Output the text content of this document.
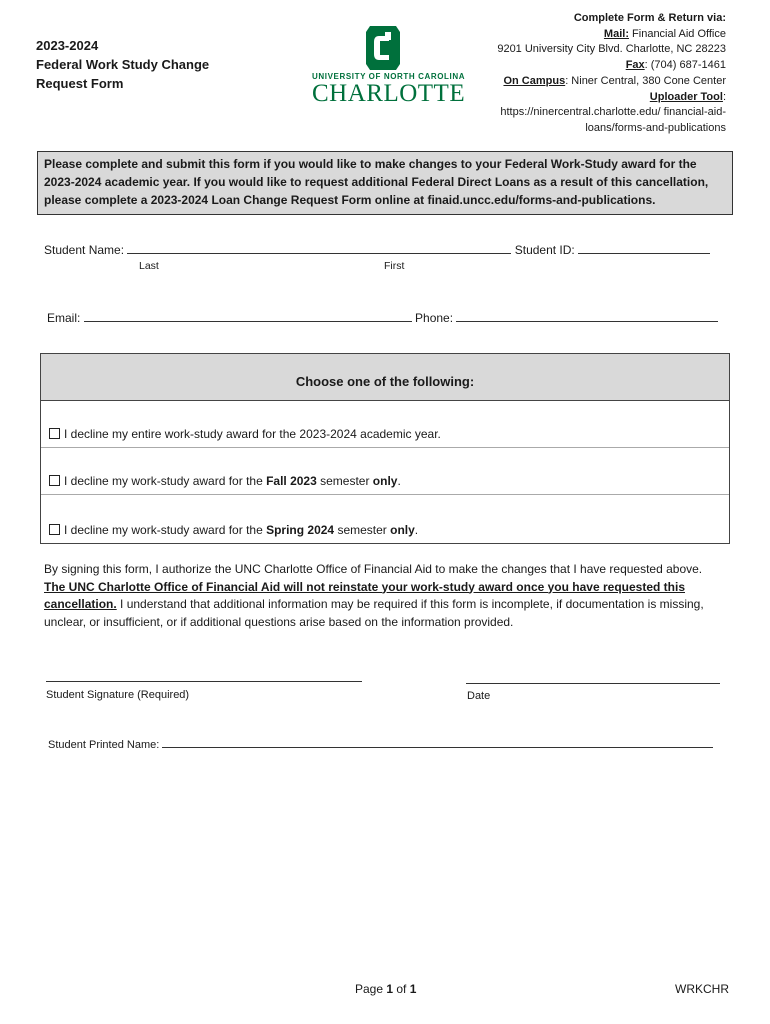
2023-2024
Federal Work Study Change
Request Form	UNIVERSITY OF NORTH CAROLINA
CHARLOTTE
Complete Form & Return via:
Mail: Financial Aid Office
9201 University City Blvd. Charlotte, NC 28223
Fax: (704) 687-1461
On Campus: Niner Central, 380 Cone Center
Uploader Tool:
https://ninercentral.charlotte.edu/ financial-aid-
loans/forms-and-publications
Please complete and submit this form if you would like to make changes to your Federal Work-Study award for the 2023-2024 academic year. If you would like to request additional Federal Direct Loans as a result of this cancellation, please complete a 2023-2024 Loan Change Request Form online at finaid.uncc.edu/forms-and-publications.
Student Name:	Student ID:
Last	First
Email:	Phone:
Choose one of the following:
I decline my entire work-study award for the 2023-2024 academic year.
I decline my work-study award for the Fall 2023 semester only.
I decline my work-study award for the Spring 2024 semester only.
By signing this form, I authorize the UNC Charlotte Office of Financial Aid to make the changes that I have requested above. The UNC Charlotte Office of Financial Aid will not reinstate your work-study award once you have requested this cancellation. I understand that additional information may be required if this form is incomplete, if documentation is missing, unclear, or insufficient, or if additional questions arise based on the information provided.
Student Signature (Required)	Date
Student Printed Name:
Page 1 of 1	WRKCHR
